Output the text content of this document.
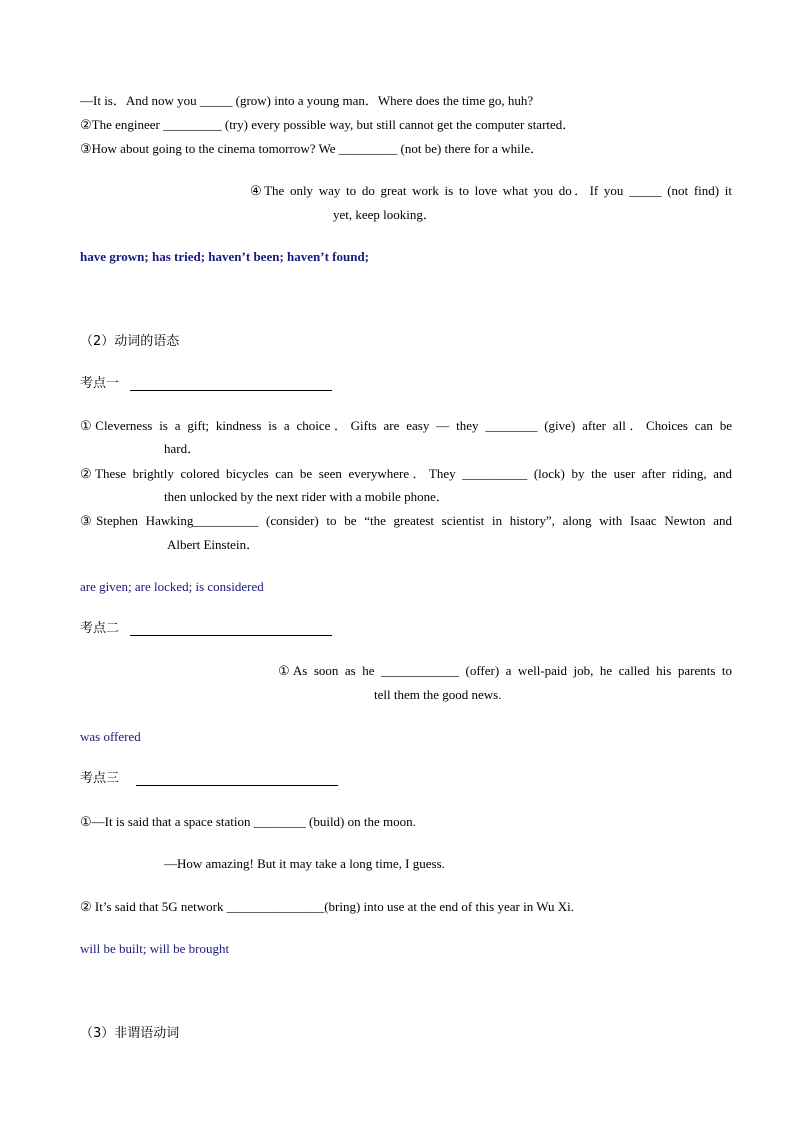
—It is．And now you _____ (grow) into a young man．Where does the time go, huh?
②The engineer _________ (try) every possible way, but still cannot get the computer started．
③How about going to the cinema tomorrow? We _________ (not be) there for a while．
④The only way to do great work is to love what you do．If you _____ (not find) it
yet, keep looking．
have grown; has tried; haven’t been; haven’t found;
（2）动词的语态
考点一
①Cleverness is a gift; kindness is a choice．Gifts are easy — they ________ (give) after all．Choices can be
hard．
②These brightly colored bicycles can be seen everywhere．They __________ (lock) by the user after riding, and
then unlocked by the next rider with a mobile phone．
③Stephen Hawking__________ (consider) to be “the greatest scientist in history”, along with Isaac Newton and
Albert Einstein．
are given; are locked; is considered
考点二
①As soon as he ____________ (offer) a well-paid job, he called his parents to
tell them the good news.
was offered
考点三
①—It is said that a space station ________ (build) on the moon.
—How amazing! But it may take a long time, I guess.
② It’s said that 5G network _______________(bring) into use at the end of this year in Wu Xi.
will be built; will be brought
（3）非谓语动词
